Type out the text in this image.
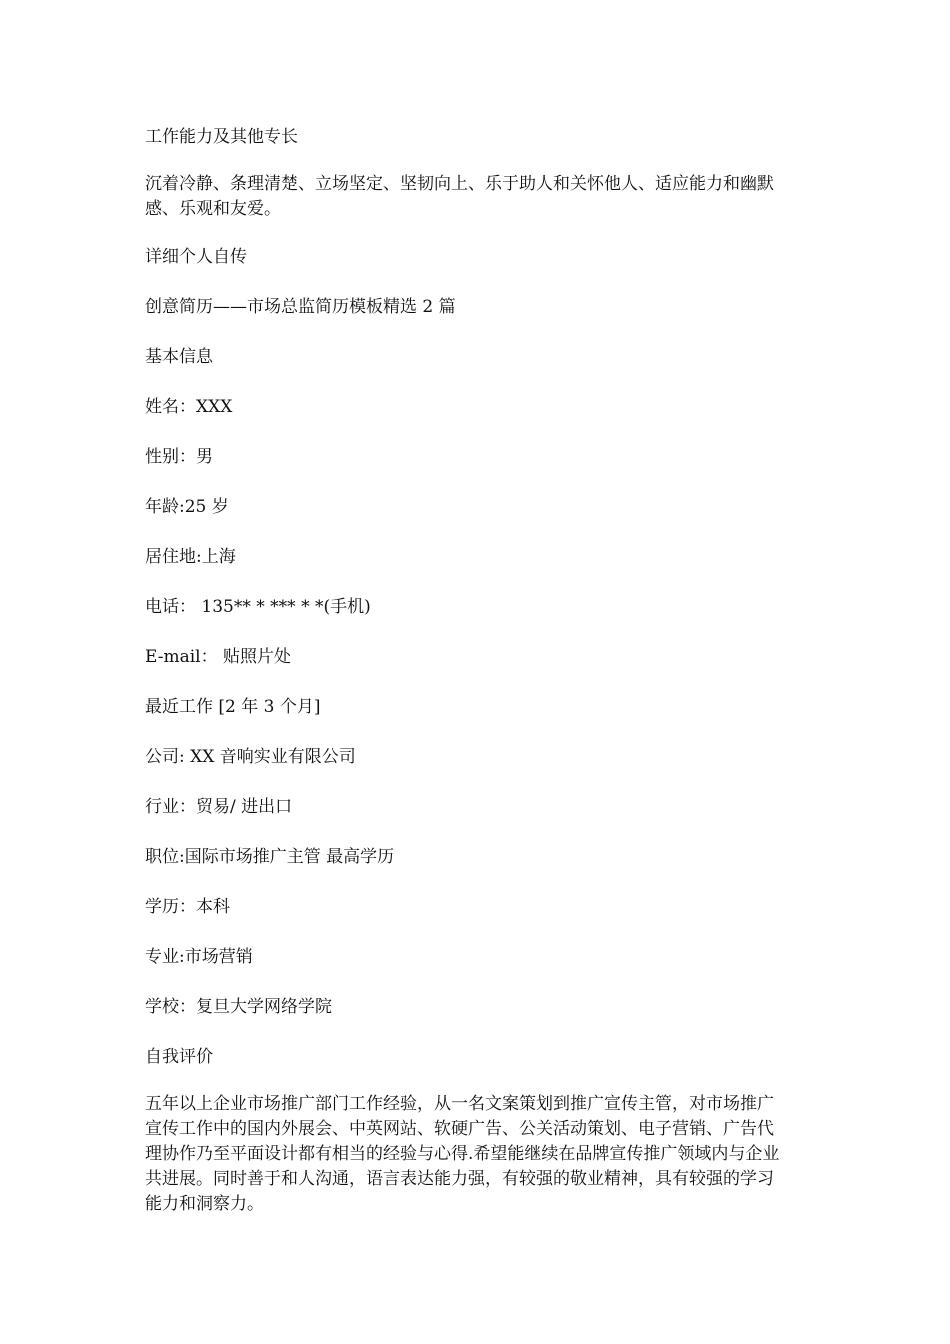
工作能力及其他专长

沉着冷静、条理清楚、立场坚定、坚韧向上、乐于助人和关怀他人、适应能力和幽默

感、乐观和友爱。

详细个人自传

创意简历——市场总监简历模板精选 2 篇

基本信息

姓名：XXX

性别：男

年龄:25 岁

居住地:上海

电话： 135** * *** * *(手机)

E-mail： 贴照片处

最近工作 [2 年 3 个月]

公司: XX 音响实业有限公司

行业：贸易/ 进出口

职位:国际市场推广主管 最高学历

学历：本科

专业:市场营销

学校：复旦大学网络学院

自我评价

五年以上企业市场推广部门工作经验，从一名文案策划到推广宣传主管，对市场推广

宣传工作中的国内外展会、中英网站、软硬广告、公关活动策划、电子营销、广告代

理协作乃至平面设计都有相当的经验与心得.希望能继续在品牌宣传推广领域内与企业

共进展。同时善于和人沟通，语言表达能力强，有较强的敬业精神，具有较强的学习

能力和洞察力。
